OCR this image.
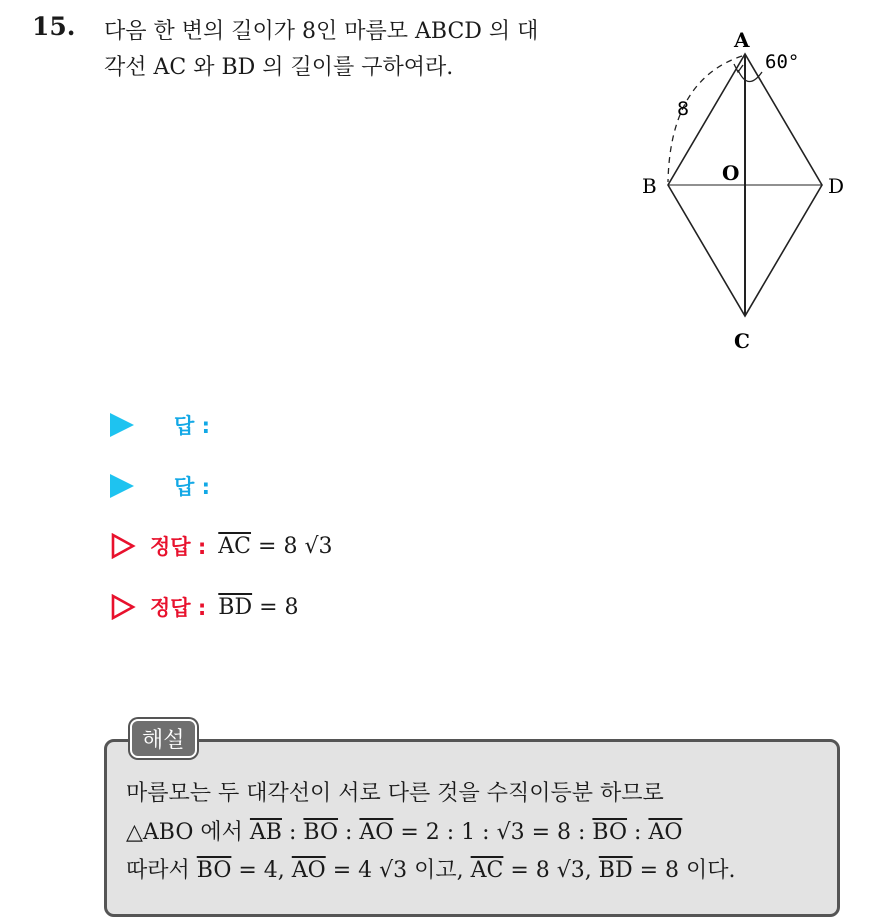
15. 다음 한 변의 길이가 8인 마름모 ABCD 의 대
각선 AC 와 BD 의 길이를 구하여라.
A
B
C
D
O
8
60°
답 :
답 :
정답 : $\overline{AC}$
= 8
√3
정답 : $\overline{BD}$
= 8
해설
마름모는 두 대각선이 서로 다른 것을 수직이등분 하므로
△ABO 에서 $\overline{AB}$ : $\overline{BO}$ : $\overline{AO} = 2$ : 1 : √3 = 8 : $\overline{BO}$ : $\overline{AO}$
따라서 $\overline{BO} = 4$, $\overline{AO} = 4$ √3 이고, $\overline{AC} = 8$ √3, $\overline{BD} = 8$ 이다.
